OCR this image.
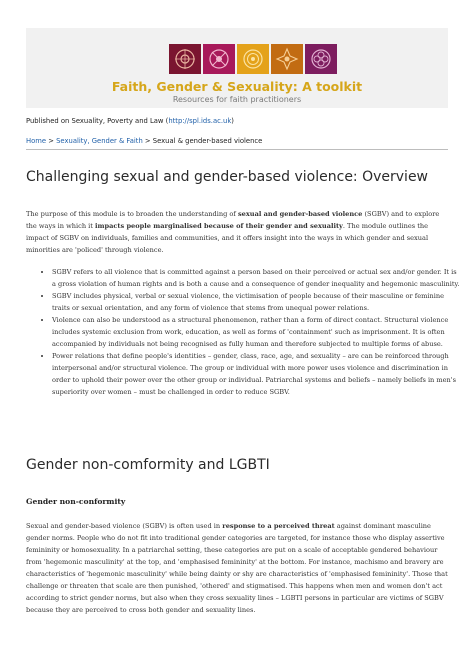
Faith, Gender & Sexuality: A toolkit
Resources for faith practitioners
Published on Sexuality, Poverty and Law (http://spl.ids.ac.uk)
Home > Sexuality, Gender & Faith > Sexual & gender-based violence
Challenging sexual and gender-based violence: Overview

The purpose of this module is to broaden the understanding of sexual and gender-based violence (SGBV) and to explore the ways in which it impacts people marginalised because of their gender and sexuality. The module outlines the impact of SGBV on individuals, families and communities, and it offers insight into the ways in which gender and sexual minorities are 'policed' through violence.

• SGBV refers to all violence that is committed against a person based on their perceived or actual sex and/or gender. It is a gross violation of human rights and is both a cause and a consequence of gender inequality and hegemonic masculinity.
• SGBV includes physical, verbal or sexual violence, the victimisation of people because of their masculine or feminine traits or sexual orientation, and any form of violence that stems from unequal power relations.
• Violence can also be understood as a structural phenomenon, rather than a form of direct contact. Structural violence includes systemic exclusion from work, education, as well as forms of 'containment' such as imprisonment. It is often accompanied by individuals not being recognised as fully human and therefore subjected to multiple forms of abuse.
• Power relations that define people's identities – gender, class, race, age, and sexuality – are can be reinforced through interpersonal and/or structural violence. The group or individual with more power uses violence and discrimination in order to uphold their power over the other group or individual. Patriarchal systems and beliefs – namely beliefs in men's superiority over women – must be challenged in order to reduce SGBV.
Gender non-comformity and LGBTI
Gender non-conformity

Sexual and gender-based violence (SGBV) is often used in response to a perceived threat against dominant masculine gender norms. People who do not fit into traditional gender categories are targeted, for instance those who display assertive femininity or homosexuality. In a patriarchal setting, these categories are put on a scale of acceptable gendered behaviour from 'hegemonic masculinity' at the top, and 'emphasised femininity' at the bottom. For instance, machismo and bravery are characteristics of 'hegemonic masculinity' while being dainty or shy are characteristics of 'emphasised femininity'. Those that challenge or threaten that scale are then punished, 'othered' and stigmatised. This happens when men and women don't act according to strict gender norms, but also when they cross sexuality lines – LGBTI persons in particular are victims of SGBV because they are perceived to cross both gender and sexuality lines.
